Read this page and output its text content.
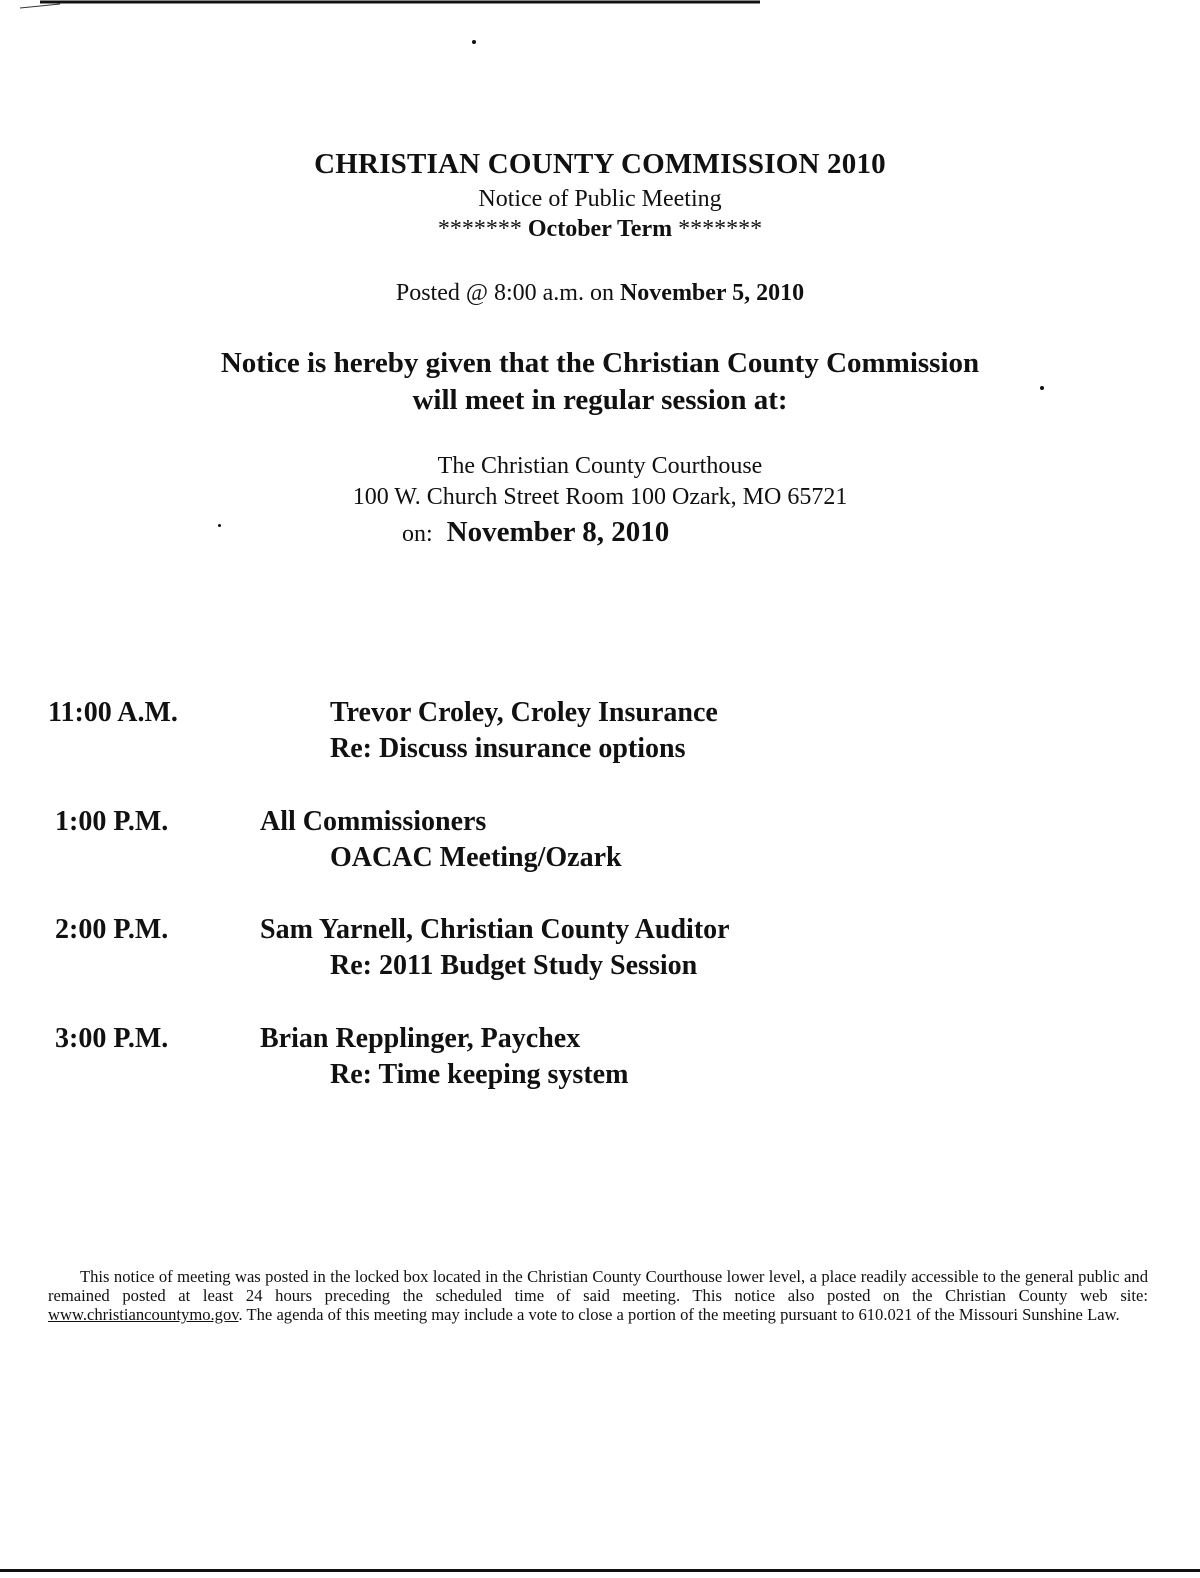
CHRISTIAN COUNTY COMMISSION 2010
Notice of Public Meeting
******* October Term *******
Posted @ 8:00 a.m. on November 5, 2010
Notice is hereby given that the Christian County Commission
will meet in regular session at:
The Christian County Courthouse
100 W. Church Street Room 100 Ozark, MO 65721
on: November 8, 2010
11:00 A.M.	Trevor Croley, Croley Insurance
Re: Discuss insurance options
1:00 P.M.	All Commissioners
OACAC Meeting/Ozark
2:00 P.M.	Sam Yarnell, Christian County Auditor
Re: 2011 Budget Study Session
3:00 P.M.	Brian Repplinger, Paychex
Re: Time keeping system
This notice of meeting was posted in the locked box located in the Christian County Courthouse lower level, a place readily accessible to the general public and remained posted at least 24 hours preceding the scheduled time of said meeting. This notice also posted on the Christian County web site: www.christiancountymo.gov. The agenda of this meeting may include a vote to close a portion of the meeting pursuant to 610.021 of the Missouri Sunshine Law.
